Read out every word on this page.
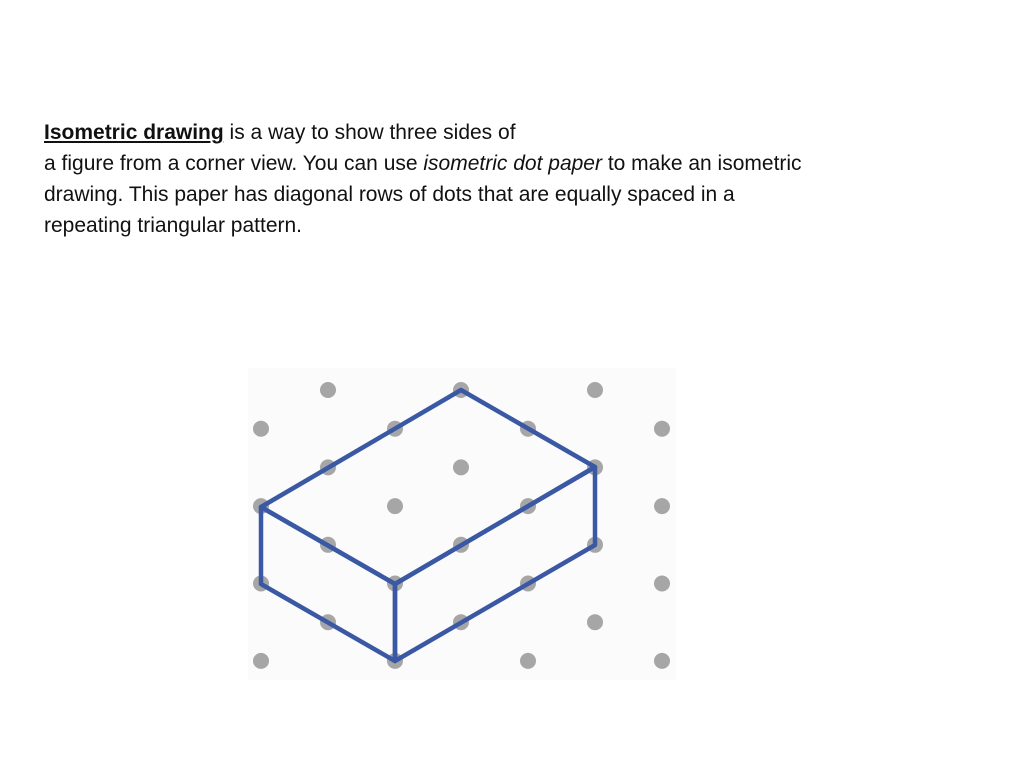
Isometric drawing is a way to show three sides of
a figure from a corner view. You can use isometric dot paper to make an isometric
drawing. This paper has diagonal rows of dots that are equally spaced in a
repeating triangular pattern.
